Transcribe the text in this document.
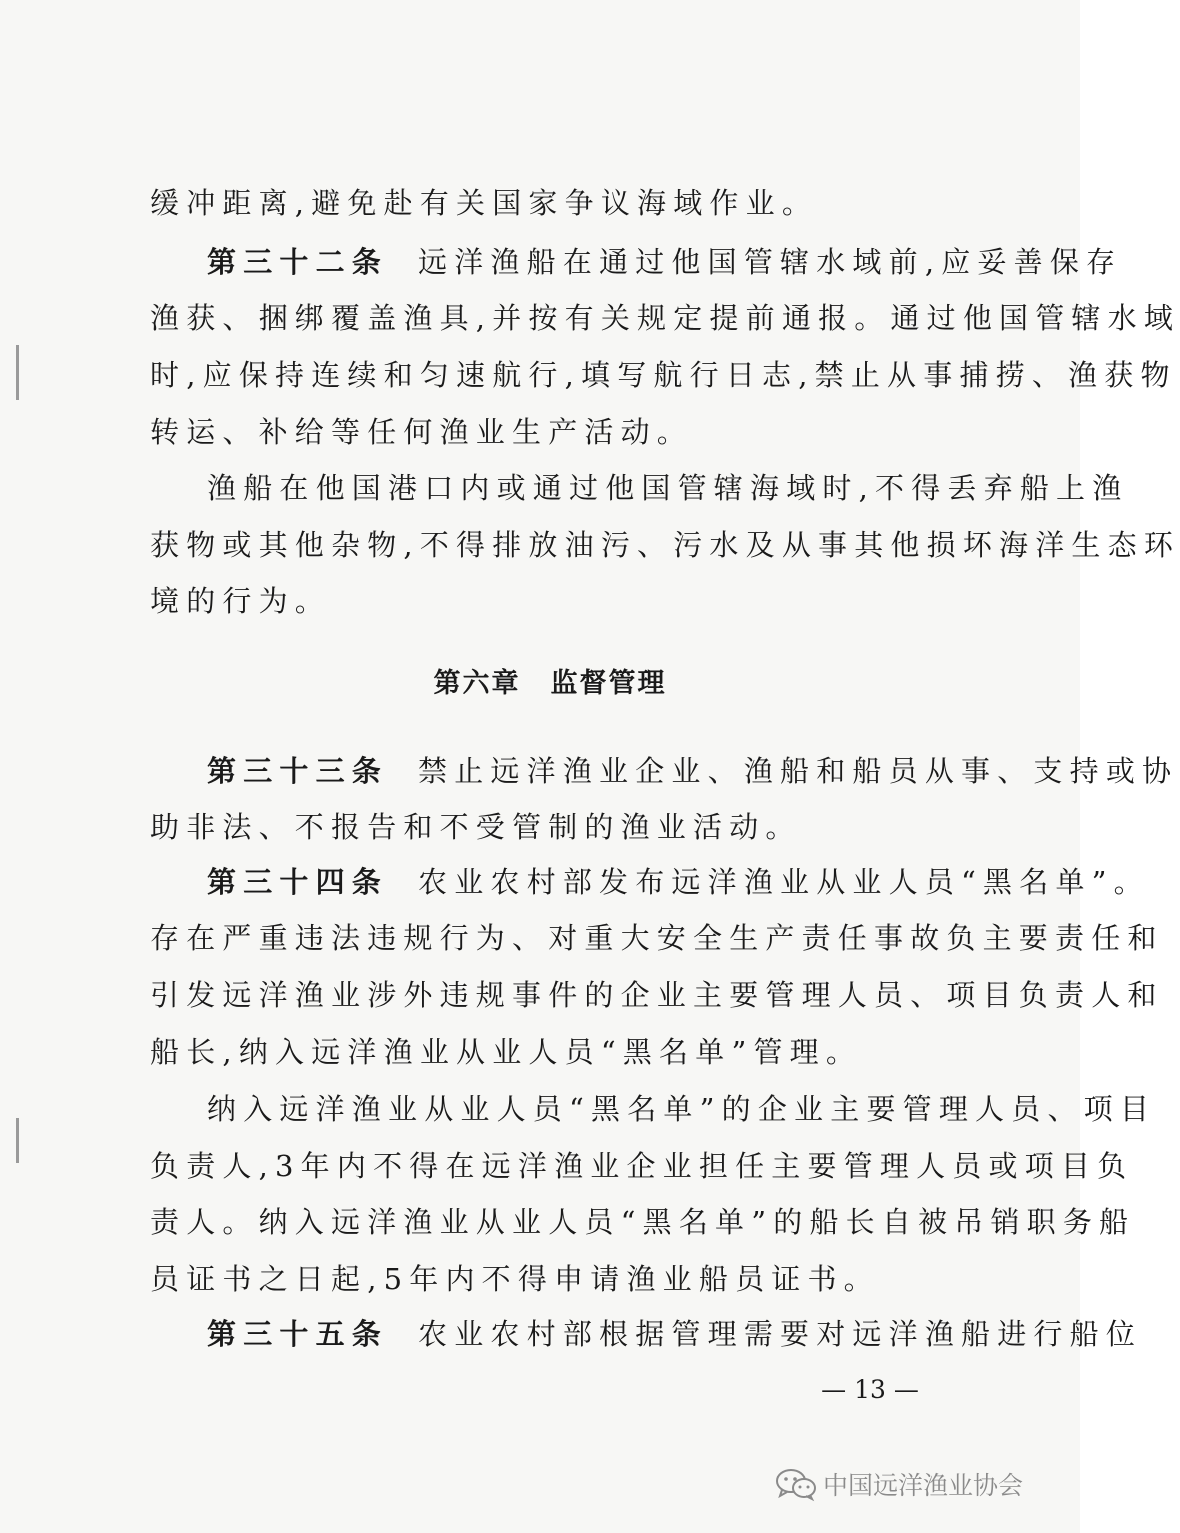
缓冲距离,避免赴有关国家争议海域作业。
第三十二条 远洋渔船在通过他国管辖水域前,应妥善保存
渔获、捆绑覆盖渔具,并按有关规定提前通报。通过他国管辖水域
时,应保持连续和匀速航行,填写航行日志,禁止从事捕捞、渔获物
转运、补给等任何渔业生产活动。
渔船在他国港口内或通过他国管辖海域时,不得丢弃船上渔
获物或其他杂物,不得排放油污、污水及从事其他损坏海洋生态环
境的行为。
第六章 监督管理
第三十三条 禁止远洋渔业企业、渔船和船员从事、支持或协
助非法、不报告和不受管制的渔业活动。
第三十四条 农业农村部发布远洋渔业从业人员“黑名单”。
存在严重违法违规行为、对重大安全生产责任事故负主要责任和
引发远洋渔业涉外违规事件的企业主要管理人员、项目负责人和
船长,纳入远洋渔业从业人员“黑名单”管理。
纳入远洋渔业从业人员“黑名单”的企业主要管理人员、项目
负责人,3年内不得在远洋渔业企业担任主要管理人员或项目负
责人。纳入远洋渔业从业人员“黑名单”的船长自被吊销职务船
员证书之日起,5年内不得申请渔业船员证书。
第三十五条 农业农村部根据管理需要对远洋渔船进行船位
— 13 —
中国远洋渔业协会
